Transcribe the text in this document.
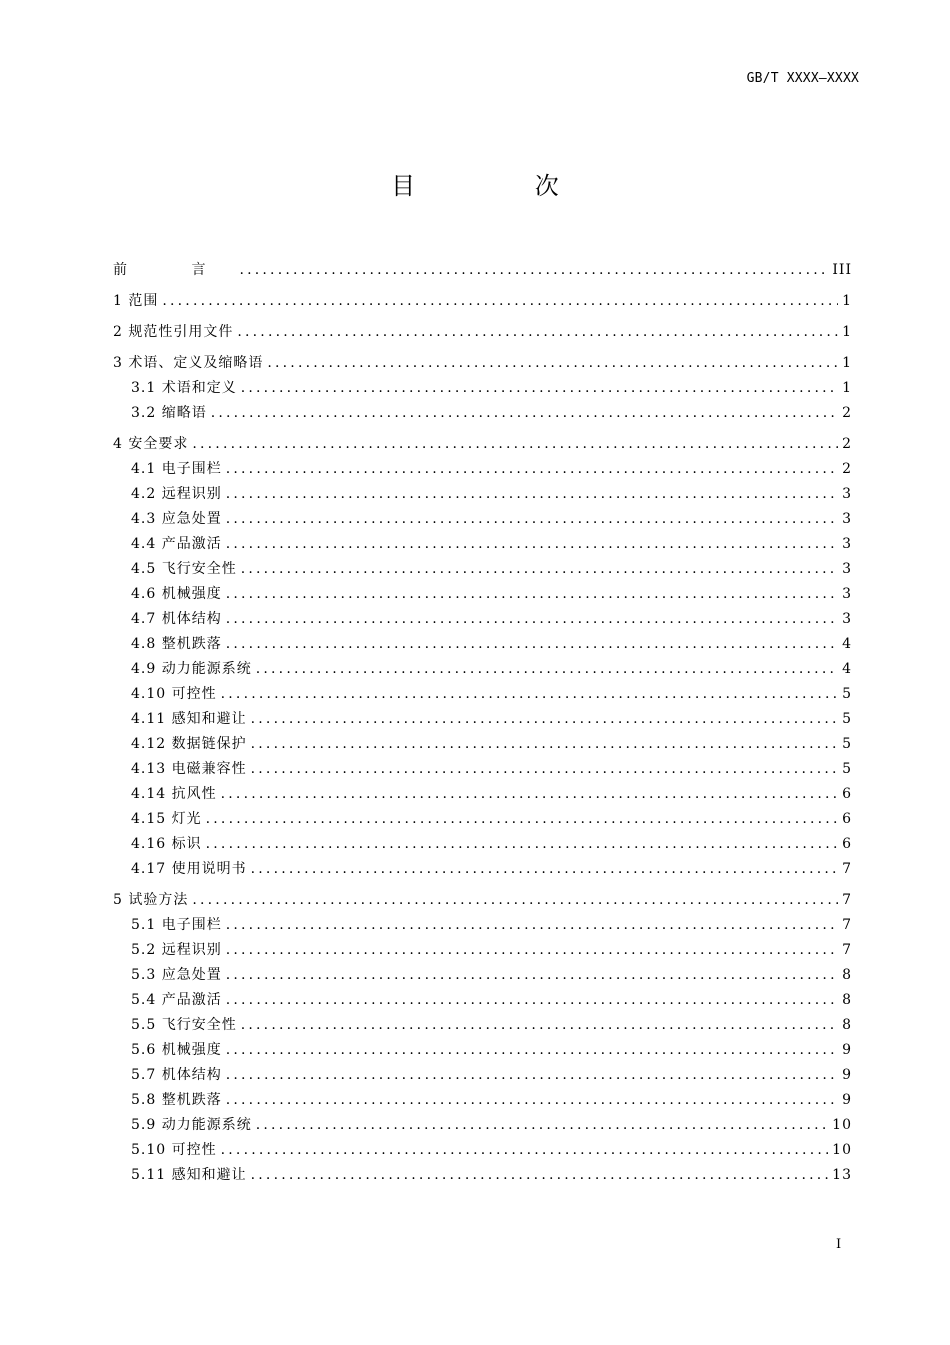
GB/T XXXX—XXXX
目 次
前 言 .....	III
1 范围 .....	1
2 规范性引用文件 .....	1
3 术语、定义及缩略语 .....	1
3.1 术语和定义 .....	1
3.2 缩略语 .....	2
4 安全要求 .....	2
4.1 电子围栏 .....	2
4.2 远程识别 .....	3
4.3 应急处置 .....	3
4.4 产品激活 .....	3
4.5 飞行安全性 .....	3
4.6 机械强度 .....	3
4.7 机体结构 .....	3
4.8 整机跌落 .....	4
4.9 动力能源系统 .....	4
4.10 可控性 .....	5
4.11 感知和避让 .....	5
4.12 数据链保护 .....	5
4.13 电磁兼容性 .....	5
4.14 抗风性 .....	6
4.15 灯光 .....	6
4.16 标识 .....	6
4.17 使用说明书 .....	7
5 试验方法 .....	7
5.1 电子围栏 .....	7
5.2 远程识别 .....	7
5.3 应急处置 .....	8
5.4 产品激活 .....	8
5.5 飞行安全性 .....	8
5.6 机械强度 .....	9
5.7 机体结构 .....	9
5.8 整机跌落 .....	9
5.9 动力能源系统 .....	10
5.10 可控性 .....	10
5.11 感知和避让 .....	13
I
